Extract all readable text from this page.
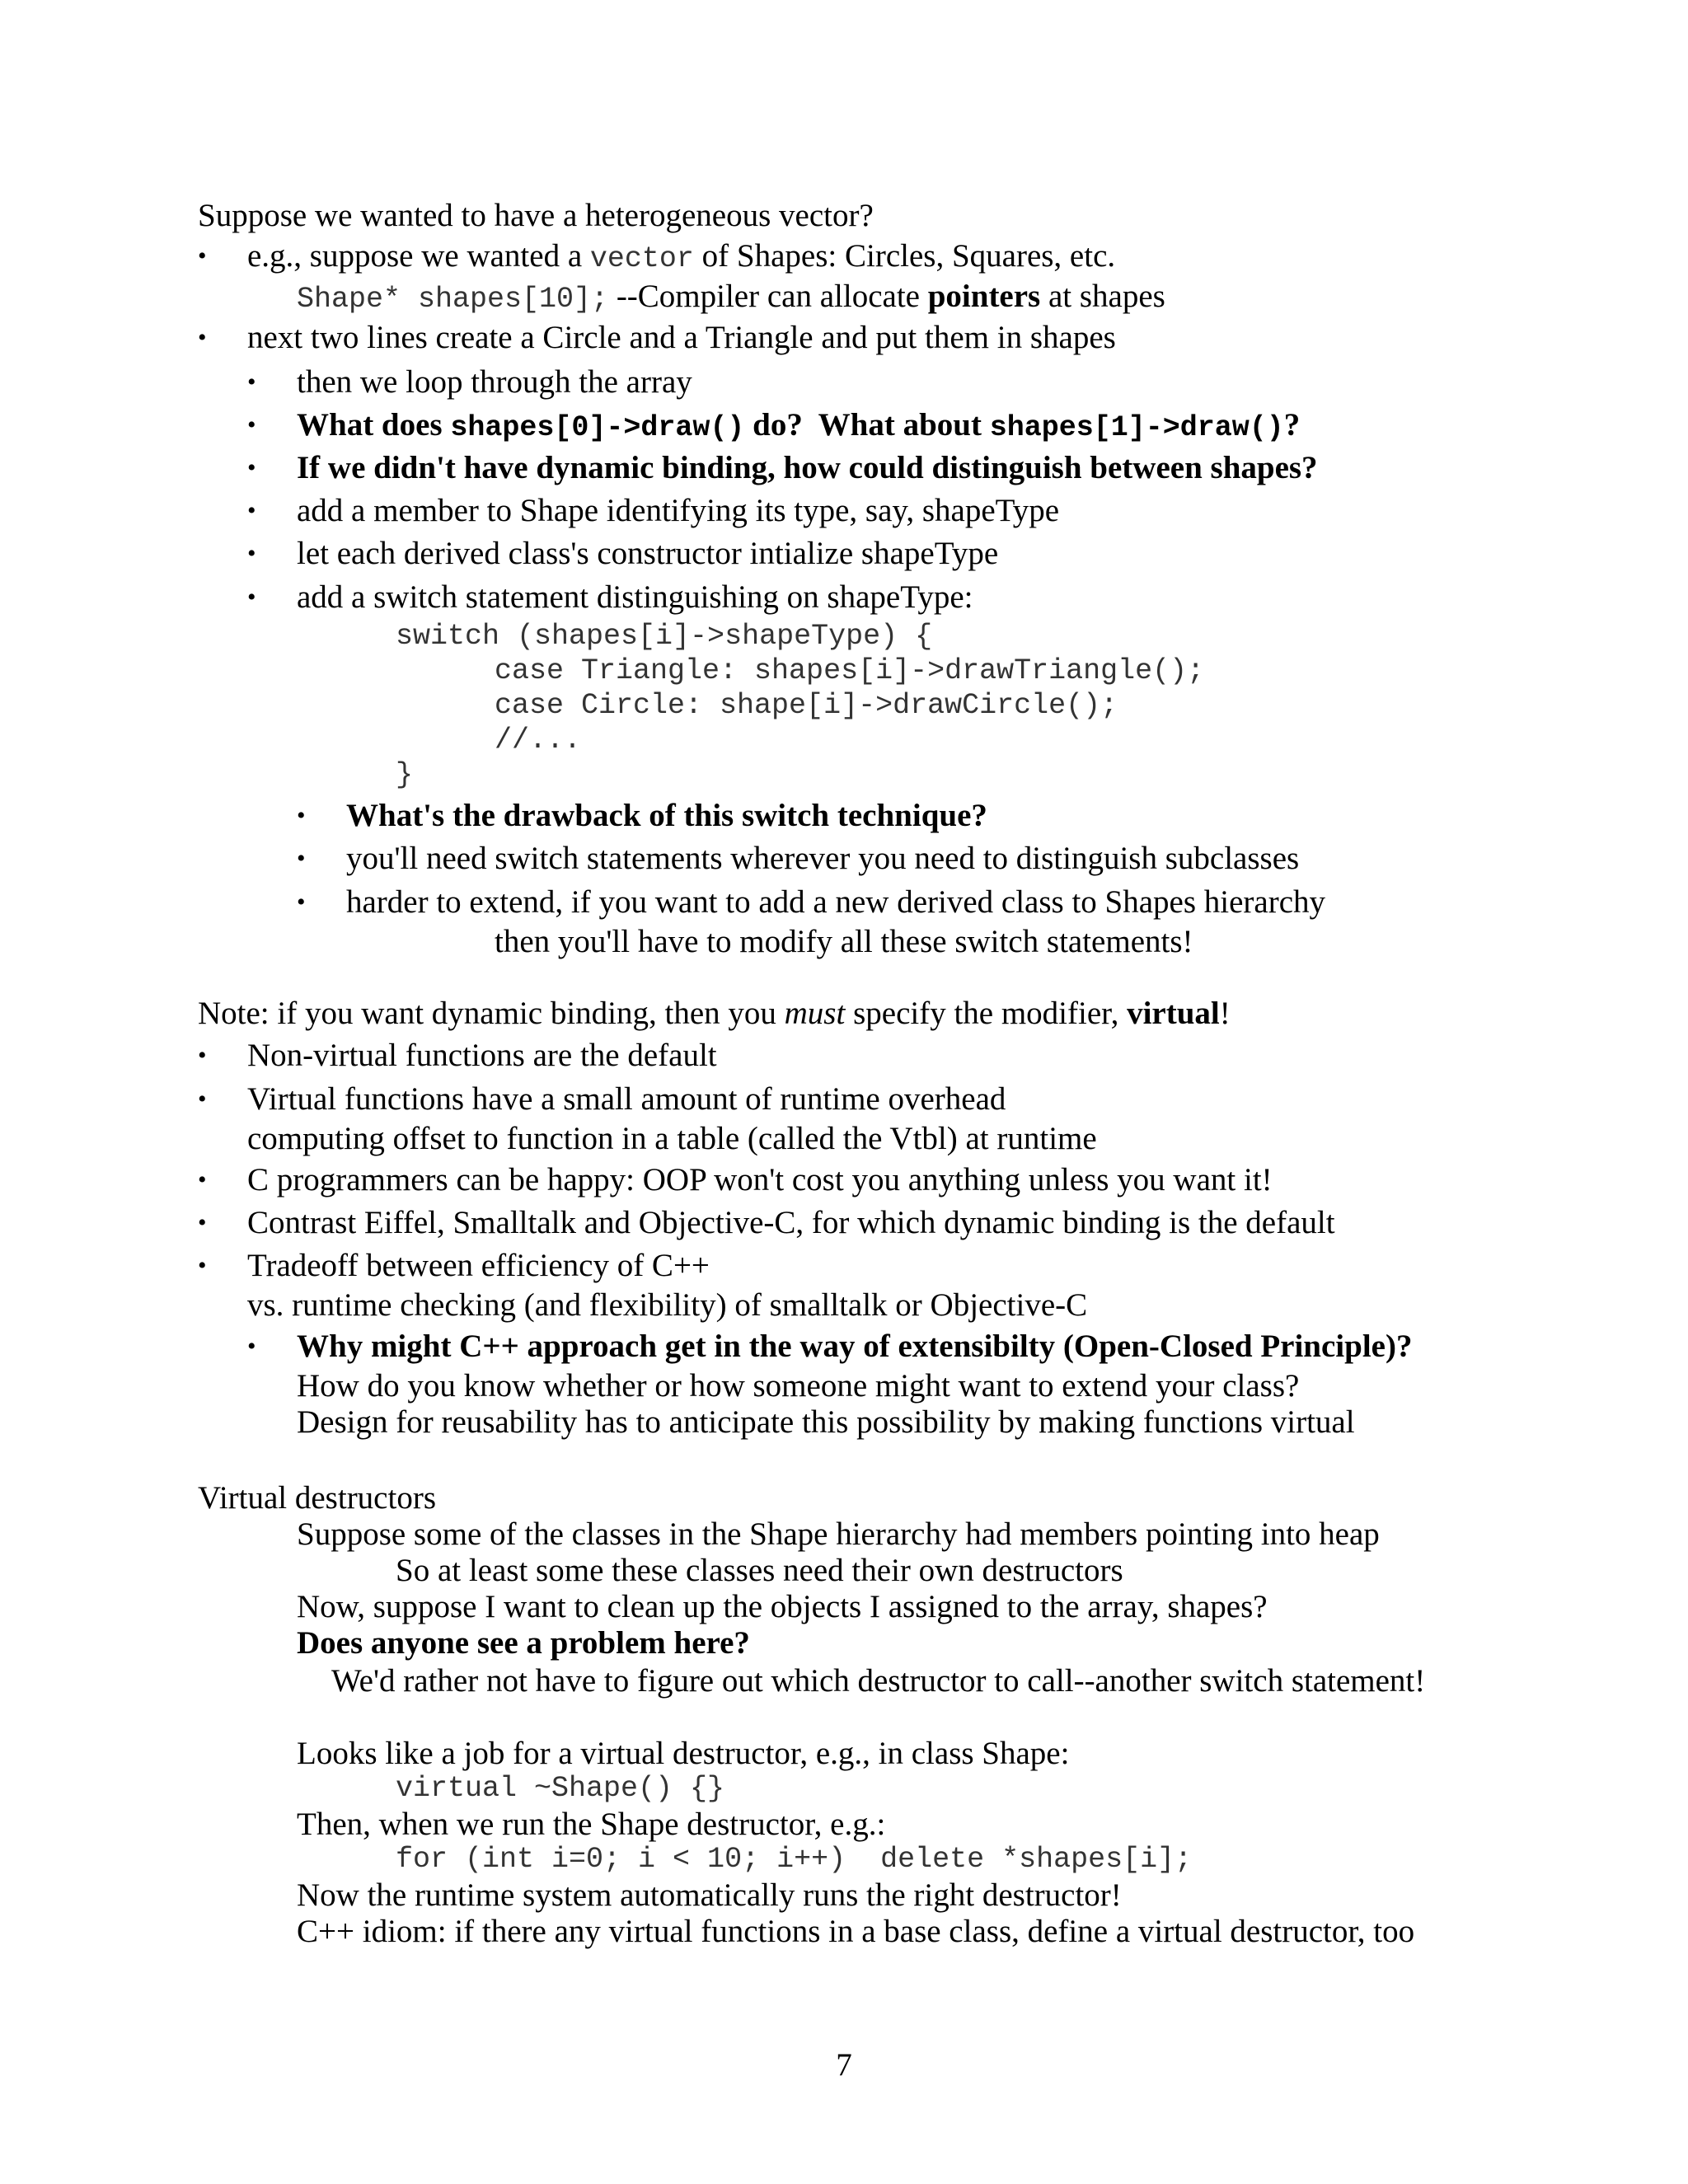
Suppose we wanted to have a heterogeneous vector?
• e.g., suppose we wanted a vector of Shapes: Circles, Squares, etc.
Shape* shapes[10]; --Compiler can allocate pointers at shapes
• next two lines create a Circle and a Triangle and put them in shapes
• then we loop through the array
• What does shapes[0]->draw() do?  What about shapes[1]->draw()?
• If we didn't have dynamic binding, how could distinguish between shapes?
• add a member to Shape identifying its type, say, shapeType
• let each derived class's constructor intialize shapeType
• add a switch statement distinguishing on shapeType:
switch (shapes[i]->shapeType) {
case Triangle: shapes[i]->drawTriangle();
case Circle: shape[i]->drawCircle();
//...
}
• What's the drawback of this switch technique?
• you'll need switch statements wherever you need to distinguish subclasses
• harder to extend, if you want to add a new derived class to Shapes hierarchy
then you'll have to modify all these switch statements!
Note: if you want dynamic binding, then you must specify the modifier, virtual!
• Non-virtual functions are the default
• Virtual functions have a small amount of runtime overhead
computing offset to function in a table (called the Vtbl) at runtime
• C programmers can be happy: OOP won't cost you anything unless you want it!
• Contrast Eiffel, Smalltalk and Objective-C, for which dynamic binding is the default
• Tradeoff between efficiency of C++
vs. runtime checking (and flexibility) of smalltalk or Objective-C
• Why might C++ approach get in the way of extensibilty (Open-Closed Principle)?
How do you know whether or how someone might want to extend your class?
Design for reusability has to anticipate this possibility by making functions virtual
Virtual destructors
Suppose some of the classes in the Shape hierarchy had members pointing into heap
So at least some these classes need their own destructors
Now, suppose I want to clean up the objects I assigned to the array, shapes?
Does anyone see a problem here?
We'd rather not have to figure out which destructor to call--another switch statement!
Looks like a job for a virtual destructor, e.g., in class Shape:
virtual ~Shape() {}
Then, when we run the Shape destructor, e.g.:
for (int i=0; i < 10; i++)  delete *shapes[i];
Now the runtime system automatically runs the right destructor!
C++ idiom: if there any virtual functions in a base class, define a virtual destructor, too
7
